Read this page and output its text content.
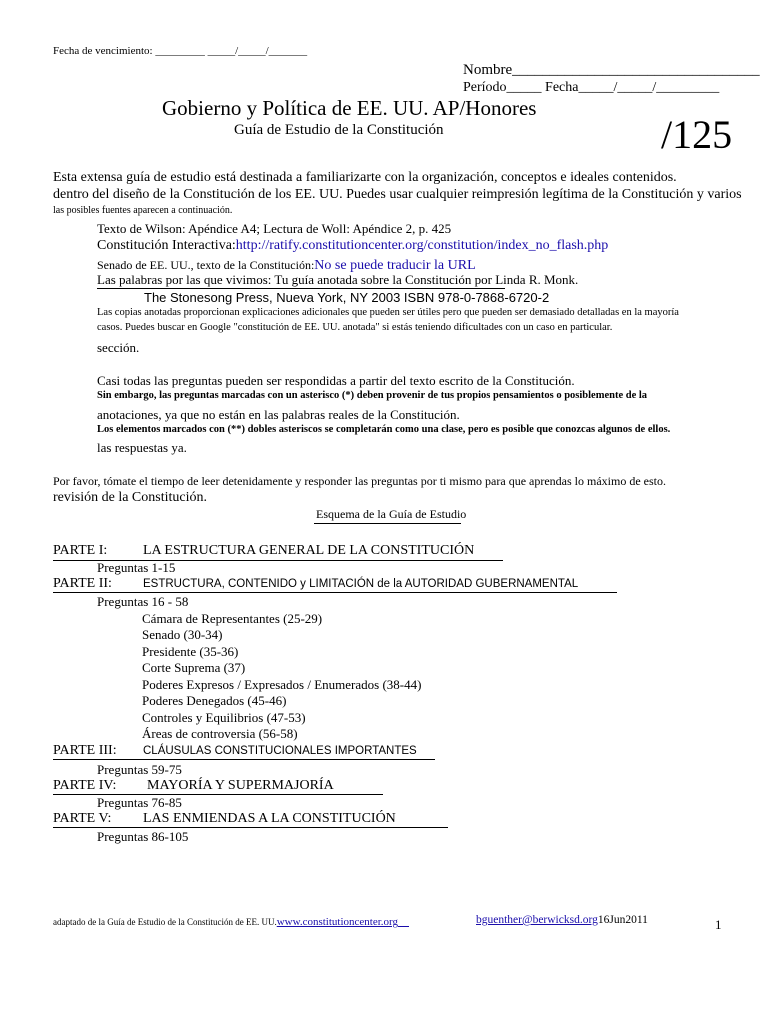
Fecha de vencimiento: _________ _____/_____/_______
Nombre_________________________________
Período_____ Fecha_____/_____/_________
Gobierno y Política de EE. UU. AP/Honores
Guía de Estudio de la Constitución	/125
Esta extensa guía de estudio está destinada a familiarizarte con la organización, conceptos e ideales contenidos.
dentro del diseño de la Constitución de los EE. UU. Puedes usar cualquier reimpresión legítima de la Constitución y varios
las posibles fuentes aparecen a continuación.
Texto de Wilson: Apéndice A4; Lectura de Woll: Apéndice 2, p. 425
Constitución Interactiva:http://ratify.constitutioncenter.org/constitution/index_no_flash.php
Senado de EE. UU., texto de la Constitución:No se puede traducir la URL
Las palabras por las que vivimos: Tu guía anotada sobre la Constitución por Linda R. Monk.
The Stonesong Press, Nueva York, NY 2003 ISBN 978-0-7868-6720-2
Las copias anotadas proporcionan explicaciones adicionales que pueden ser útiles pero que pueden ser demasiado detalladas en la mayoría
casos. Puedes buscar en Google "constitución de EE. UU. anotada" si estás teniendo dificultades con un caso en particular.
sección.
Casi todas las preguntas pueden ser respondidas a partir del texto escrito de la Constitución.
Sin embargo, las preguntas marcadas con un asterisco (*) deben provenir de tus propios pensamientos o posiblemente de la
anotaciones, ya que no están en las palabras reales de la Constitución.
Los elementos marcados con (**) dobles asteriscos se completarán como una clase, pero es posible que conozcas algunos de ellos.
las respuestas ya.
Por favor, tómate el tiempo de leer detenidamente y responder las preguntas por ti mismo para que aprendas lo máximo de esto.
revisión de la Constitución.
Esquema de la Guía de Estudio
PARTE I:	LA ESTRUCTURA GENERAL DE LA CONSTITUCIÓN
Preguntas 1-15
PARTE II:	ESTRUCTURA, CONTENIDO y LIMITACIÓN de la AUTORIDAD GUBERNAMENTAL
Preguntas 16 - 58
Cámara de Representantes (25-29)
Senado (30-34)
Presidente (35-36)
Corte Suprema (37)
Poderes Expresos / Expresados / Enumerados (38-44)
Poderes Denegados (45-46)
Controles y Equilibrios (47-53)
Áreas de controversia (56-58)
PARTE III: CLÁUSULAS CONSTITUCIONALES IMPORTANTES
Preguntas 59-75
PARTE IV: MAYORÍA Y SUPERMAJORÍA
Preguntas 76-85
PARTE V: LAS ENMIENDAS A LA CONSTITUCIÓN
Preguntas 86-105
adaptado de la Guía de Estudio de la Constitución de EE. UU.www.constitutioncenter.org	bguenther@berwicksd.org16Jun2011	1
